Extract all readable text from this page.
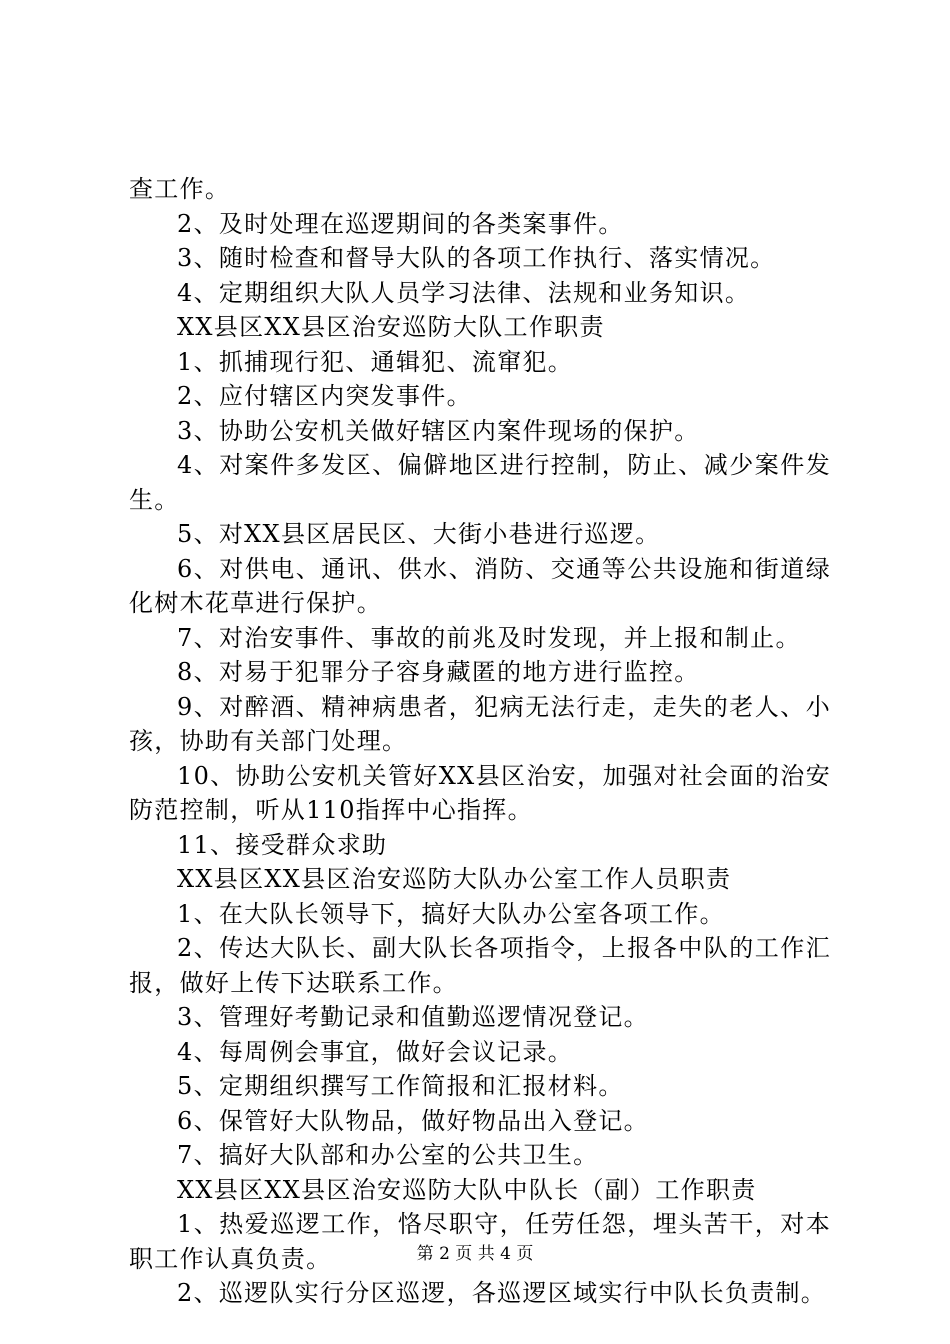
查工作。

2、及时处理在巡逻期间的各类案事件。

3、随时检查和督导大队的各项工作执行、落实情况。

4、定期组织大队人员学习法律、法规和业务知识。

XX县区XX县区治安巡防大队工作职责

1、抓捕现行犯、通辑犯、流窜犯。

2、应付辖区内突发事件。

3、协助公安机关做好辖区内案件现场的保护。

4、对案件多发区、偏僻地区进行控制，防止、减少案件发生。

5、对XX县区居民区、大街小巷进行巡逻。

6、对供电、通讯、供水、消防、交通等公共设施和街道绿化树木花草进行保护。

7、对治安事件、事故的前兆及时发现，并上报和制止。

8、对易于犯罪分子容身藏匿的地方进行监控。

9、对醉酒、精神病患者，犯病无法行走，走失的老人、小孩，协助有关部门处理。

10、协助公安机关管好XX县区治安，加强对社会面的治安防范控制，听从110指挥中心指挥。

11、接受群众求助

XX县区XX县区治安巡防大队办公室工作人员职责

1、在大队长领导下，搞好大队办公室各项工作。

2、传达大队长、副大队长各项指令，上报各中队的工作汇报，做好上传下达联系工作。

3、管理好考勤记录和值勤巡逻情况登记。

4、每周例会事宜，做好会议记录。

5、定期组织撰写工作简报和汇报材料。

6、保管好大队物品，做好物品出入登记。

7、搞好大队部和办公室的公共卫生。

XX县区XX县区治安巡防大队中队长（副）工作职责

1、热爱巡逻工作，恪尽职守，任劳任怨，埋头苦干，对本职工作认真负责。

2、巡逻队实行分区巡逻，各巡逻区域实行中队长负责制。

第 2 页 共 4 页
